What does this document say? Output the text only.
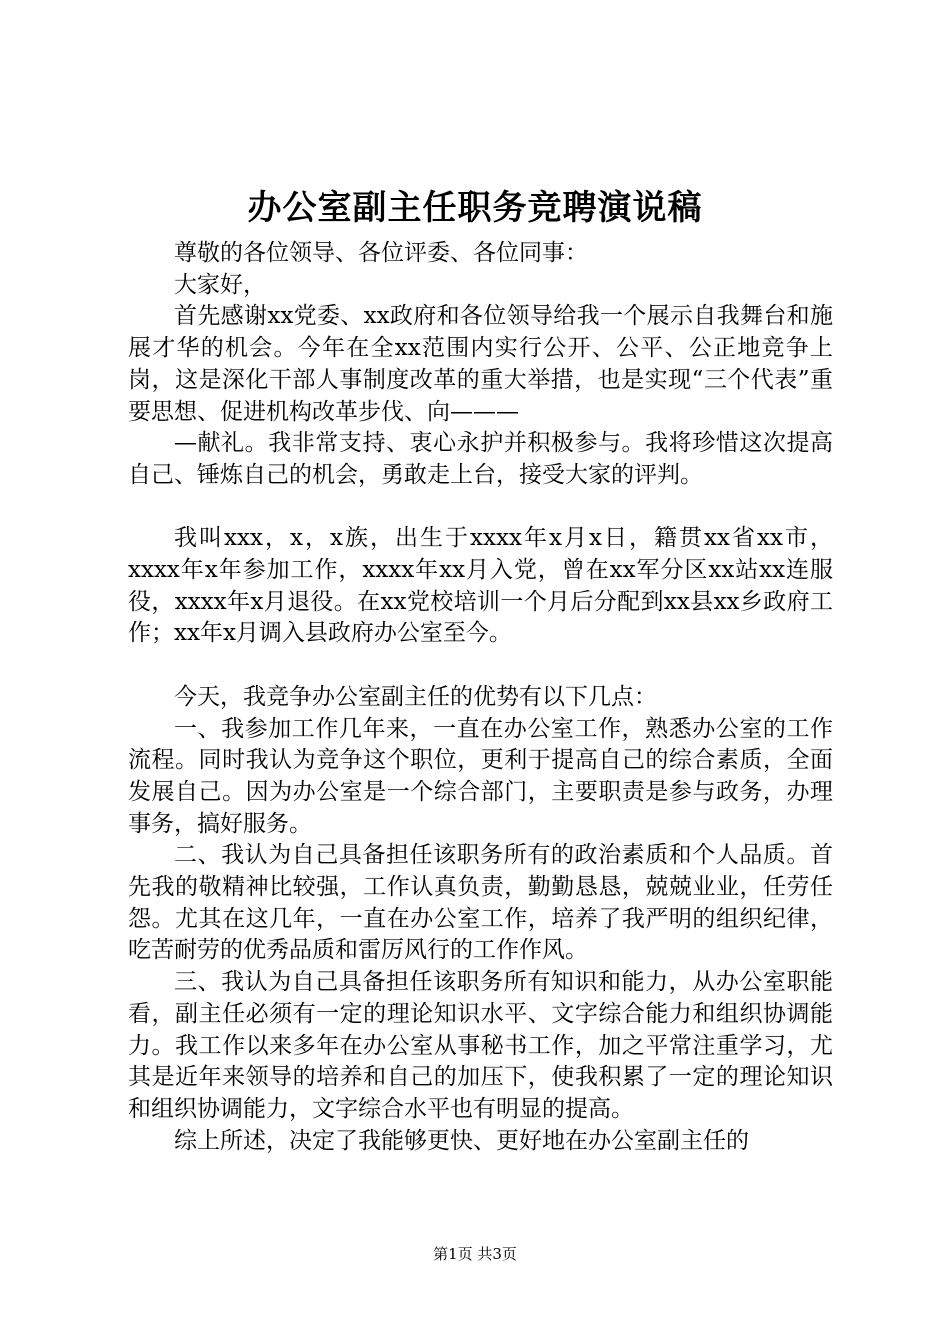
办公室副主任职务竞聘演说稿

尊敬的各位领导、各位评委、各位同事：

大家好，

首先感谢xx党委、xx政府和各位领导给我一个展示自我舞台和施展才华的机会。今年在全xx范围内实行公开、公平、公正地竞争上岗，这是深化干部人事制度改革的重大举措，也是实现“三个代表”重要思想、促进机构改革步伐、向———

—献礼。我非常支持、衷心永护并积极参与。我将珍惜这次提高自己、锤炼自己的机会，勇敢走上台，接受大家的评判。

我叫xxx，x，x族，出生于xxxx年x月x日，籍贯xx省xx市，xxxx年x年参加工作，xxxx年xx月入党，曾在xx军分区xx站xx连服役，xxxx年x月退役。在xx党校培训一个月后分配到xx县xx乡政府工作；xx年x月调入县政府办公室至今。

今天，我竞争办公室副主任的优势有以下几点：

一、我参加工作几年来，一直在办公室工作，熟悉办公室的工作流程。同时我认为竞争这个职位，更利于提高自己的综合素质，全面发展自己。因为办公室是一个综合部门，主要职责是参与政务，办理事务，搞好服务。

二、我认为自己具备担任该职务所有的政治素质和个人品质。首先我的敬精神比较强，工作认真负责，勤勤恳恳，兢兢业业，任劳任怨。尤其在这几年，一直在办公室工作，培养了我严明的组织纪律，吃苦耐劳的优秀品质和雷厉风行的工作作风。

三、我认为自己具备担任该职务所有知识和能力，从办公室职能看，副主任必须有一定的理论知识水平、文字综合能力和组织协调能力。我工作以来多年在办公室从事秘书工作，加之平常注重学习，尤其是近年来领导的培养和自己的加压下，使我积累了一定的理论知识和组织协调能力，文字综合水平也有明显的提高。

综上所述，决定了我能够更快、更好地在办公室副主任的

第1页 共3页
